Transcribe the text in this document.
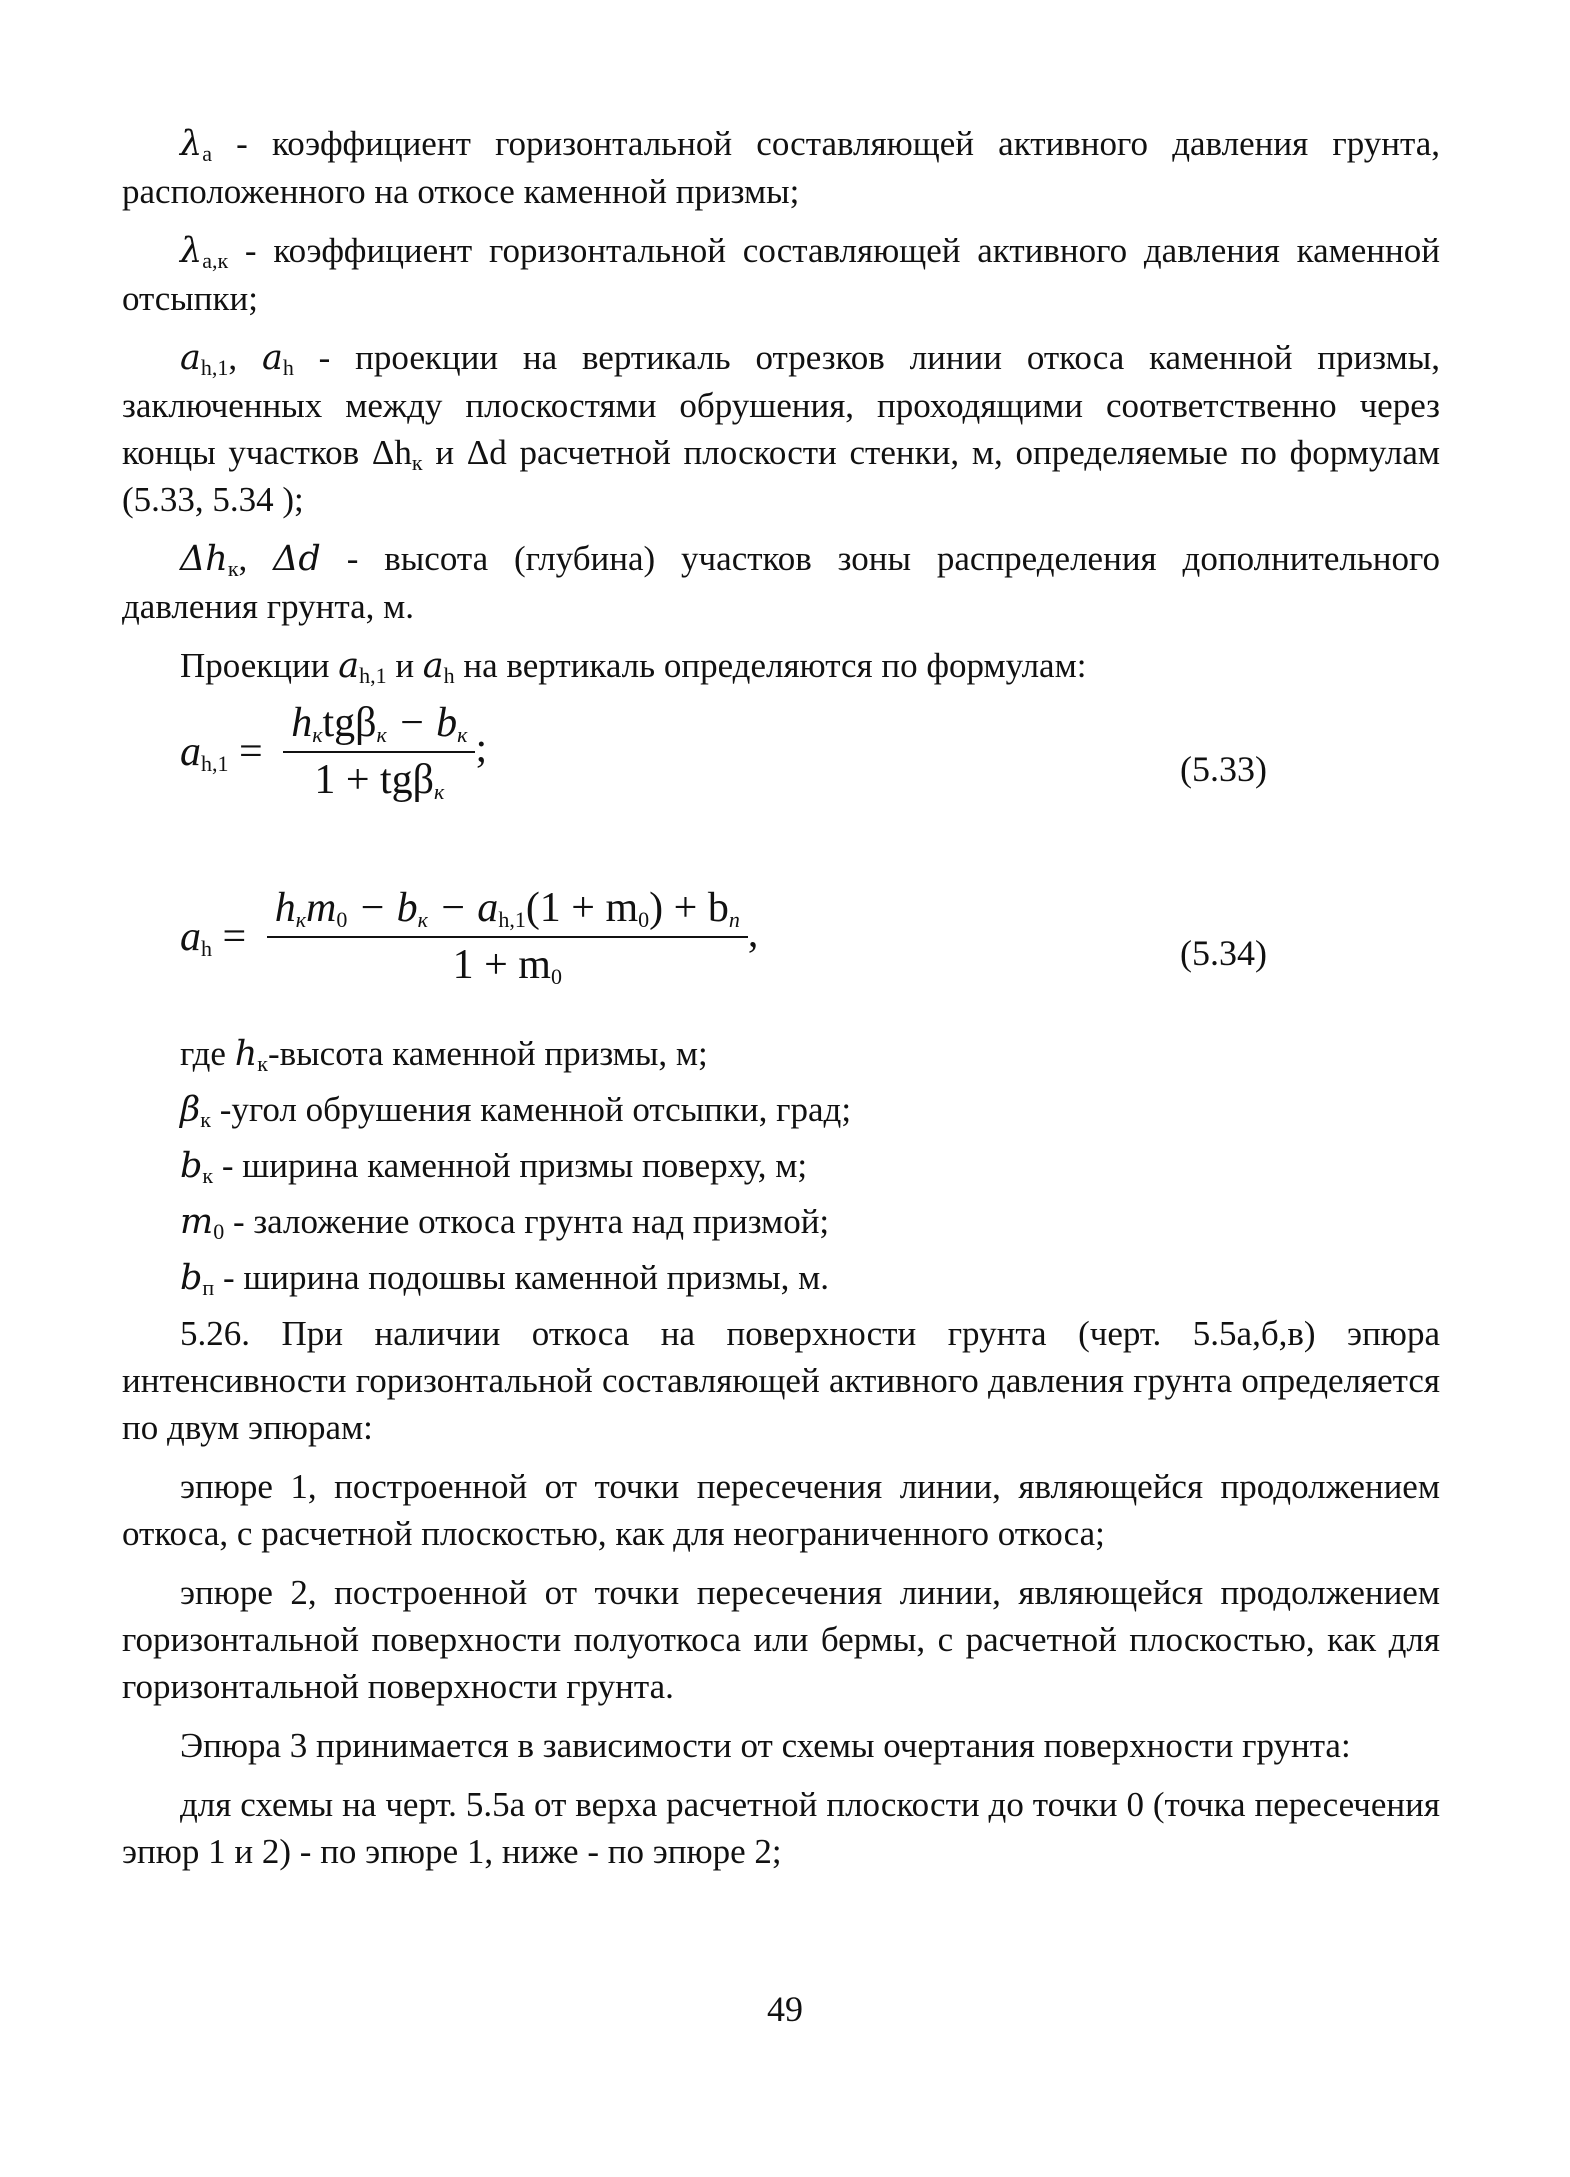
$\lambda_а$ - коэффициент горизонтальной составляющей активного давления грунта, расположенного на откосе каменной призмы;

$\lambda_{а,к}$ - коэффициент горизонтальной составляющей активного давления каменной отсыпки;

$a_{h,1}$, $a_h$ - проекции на вертикаль отрезков линии откоса каменной призмы, заключенных между плоскостями обрушения, проходящими соответственно через концы участков $\Delta h_к$ и Δd расчетной плоскости стенки, м, определяемые по формулам (5.33, 5.34 );

$\Delta h_к$, Δd - высота (глубина) участков зоны распределения дополнительного давления грунта, м.

Проекции $a_{h,1}$ и $a_h$ на вертикаль определяются по формулам:

$a_{h,1} = \frac{h_кtg\beta_к - b_к}{1 + tg\beta_к}$ ;	(5.33)
$a_h = \frac{h_кm_0 - b_к - a_{h,1}(1 + m_0) + b_п}{1 + m_0}$ ,	(5.34)

где $h_к$-высота каменной призмы, м;

$\beta_к$ -угол обрушения каменной отсыпки, град;

$b_к$ - ширина каменной призмы поверху, м;

$m_0$ - заложение откоса грунта над призмой;

$b_п$ - ширина подошвы каменной призмы, м.

5.26. При наличии откоса на поверхности грунта (черт. 5.5а,б,в) эпюра интенсивности горизонтальной составляющей активного давления грунта определяется по двум эпюрам:

эпюре 1, построенной от точки пересечения линии, являющейся продолжением откоса, с расчетной плоскостью, как для неограниченного откоса;

эпюре 2, построенной от точки пересечения линии, являющейся продолжением горизонтальной поверхности полуоткоса или бермы, с расчетной плоскостью, как для горизонтальной поверхности грунта.

Эпюра 3 принимается в зависимости от схемы очертания поверхности грунта:

для схемы на черт. 5.5а от верха расчетной плоскости до точки 0 (точка пересечения эпюр 1 и 2) - по эпюре 1, ниже - по эпюре 2;

49
